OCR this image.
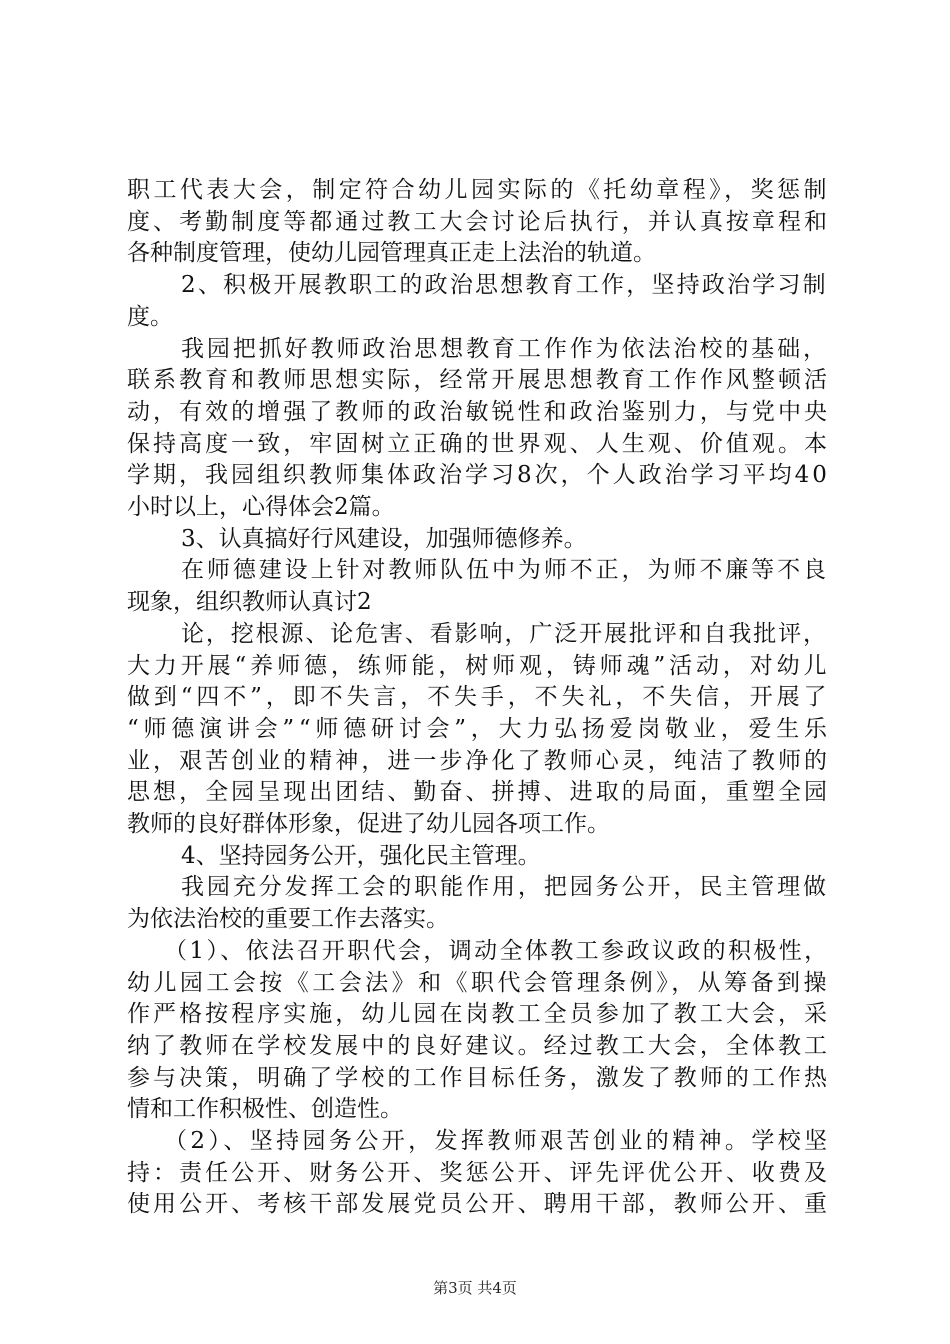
职工代表大会，制定符合幼儿园实际的《托幼章程》，奖惩制
度、考勤制度等都通过教工大会讨论后执行，并认真按章程和
各种制度管理，使幼儿园管理真正走上法治的轨道。
2、积极开展教职工的政治思想教育工作，坚持政治学习制
度。
我园把抓好教师政治思想教育工作作为依法治校的基础，
联系教育和教师思想实际，经常开展思想教育工作作风整顿活
动，有效的增强了教师的政治敏锐性和政治鉴别力，与党中央
保持高度一致，牢固树立正确的世界观、人生观、价值观。本
学期，我园组织教师集体政治学习8次，个人政治学习平均40
小时以上，心得体会2篇。
3、认真搞好行风建设，加强师德修养。
在师德建设上针对教师队伍中为师不正，为师不廉等不良
现象，组织教师认真讨2
论，挖根源、论危害、看影响，广泛开展批评和自我批评，
大力开展“养师德，练师能，树师观，铸师魂”活动，对幼儿
做到“四不”，即不失言，不失手，不失礼，不失信，开展了
“师德演讲会”“师德研讨会”，大力弘扬爱岗敬业，爱生乐
业，艰苦创业的精神，进一步净化了教师心灵，纯洁了教师的
思想，全园呈现出团结、勤奋、拼搏、进取的局面，重塑全园
教师的良好群体形象，促进了幼儿园各项工作。
4、坚持园务公开，强化民主管理。
我园充分发挥工会的职能作用，把园务公开，民主管理做
为依法治校的重要工作去落实。
（1）、依法召开职代会，调动全体教工参政议政的积极性，
幼儿园工会按《工会法》和《职代会管理条例》，从筹备到操
作严格按程序实施，幼儿园在岗教工全员参加了教工大会，采
纳了教师在学校发展中的良好建议。经过教工大会，全体教工
参与决策，明确了学校的工作目标任务，激发了教师的工作热
情和工作积极性、创造性。
（2）、坚持园务公开，发挥教师艰苦创业的精神。学校坚
持：责任公开、财务公开、奖惩公开、评先评优公开、收费及
使用公开、考核干部发展党员公开、聘用干部，教师公开、重
第3页 共4页
